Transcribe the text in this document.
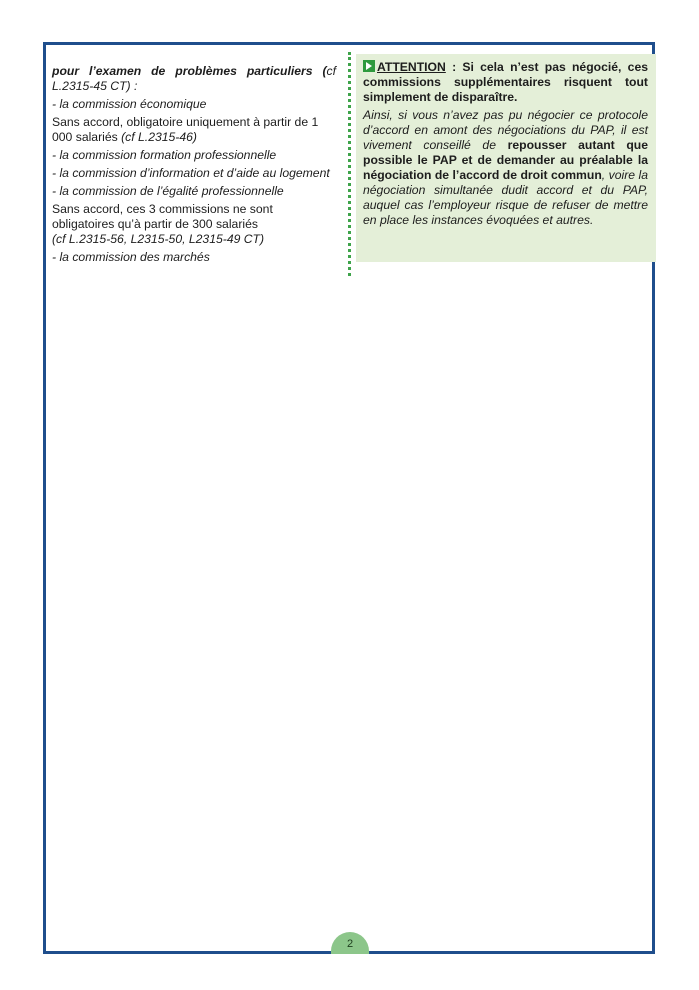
pour l’examen de problèmes particuliers (cf L.2315-45 CT) :

- la commission économique

Sans accord, obligatoire uniquement à partir de 1 000 salariés (cf L.2315-46)

- la commission formation professionnelle

- la commission d’information et d’aide au logement

- la commission de l’égalité professionnelle

Sans accord, ces 3 commissions ne sont obligatoires qu’à partir de 300 salariés
(cf L.2315-56, L2315-50, L2315-49 CT)

- la commission des marchés

ATTENTION : Si cela n’est pas négocié, ces commissions supplémentaires risquent tout simplement de disparaître.

Ainsi, si vous n’avez pas pu négocier ce protocole d’accord en amont des négociations du PAP, il est vivement conseillé de repousser autant que possible le PAP et de demander au préalable la négociation de l’accord de droit commun, voire la négociation simultanée dudit accord et du PAP, auquel cas l’employeur risque de refuser de mettre en place les instances évoquées et autres.

2
